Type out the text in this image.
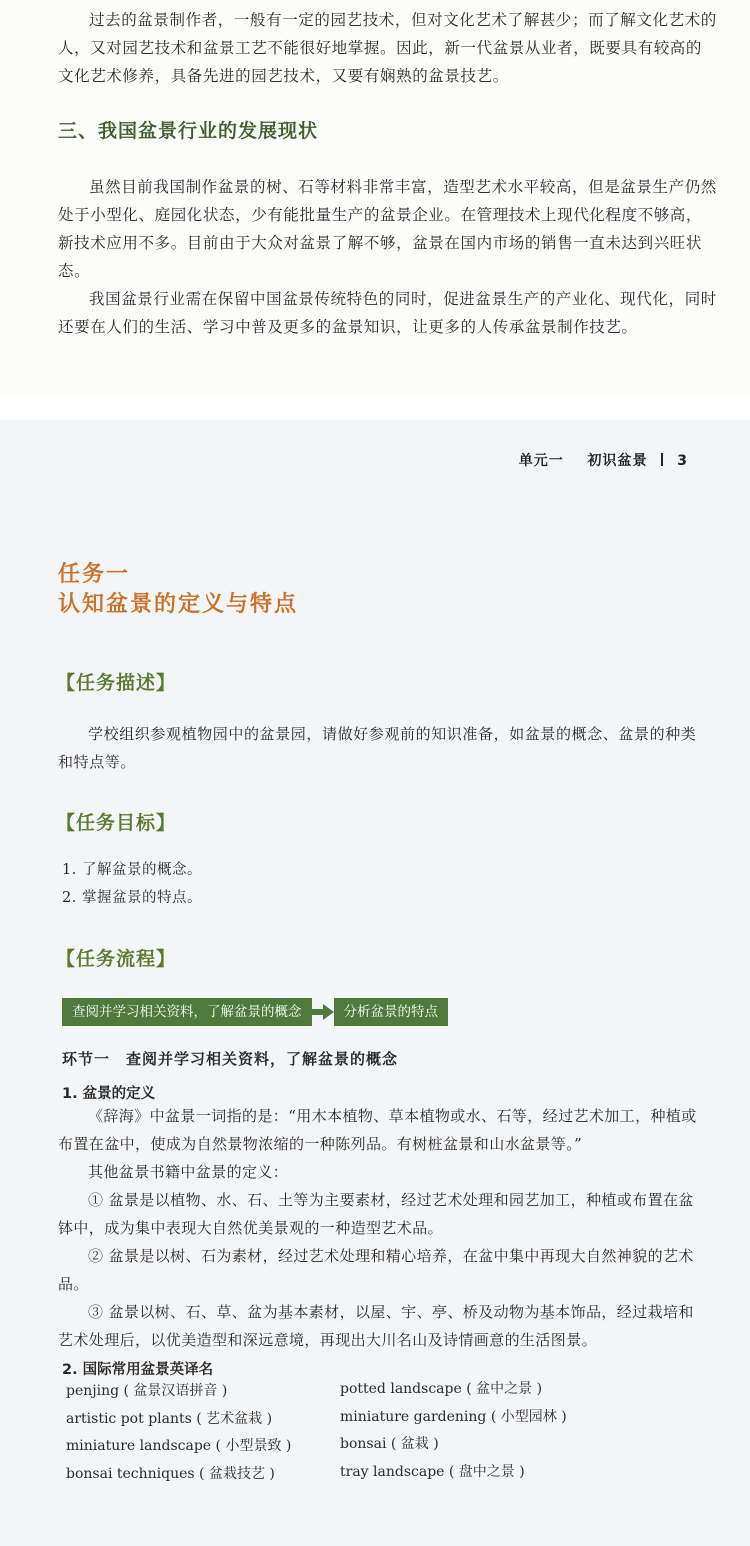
过去的盆景制作者，一般有一定的园艺技术，但对文化艺术了解甚少；而了解文化艺术的人，又对园艺技术和盆景工艺不能很好地掌握。因此，新一代盆景从业者，既要具有较高的文化艺术修养，具备先进的园艺技术，又要有娴熟的盆景技艺。

三、我国盆景行业的发展现状

虽然目前我国制作盆景的树、石等材料非常丰富，造型艺术水平较高，但是盆景生产仍然处于小型化、庭园化状态，少有能批量生产的盆景企业。在管理技术上现代化程度不够高，新技术应用不多。目前由于大众对盆景了解不够，盆景在国内市场的销售一直未达到兴旺状态。

我国盆景行业需在保留中国盆景传统特色的同时，促进盆景生产的产业化、现代化，同时还要在人们的生活、学习中普及更多的盆景知识，让更多的人传承盆景制作技艺。

单元一 初识盆景 3
任务一
认知盆景的定义与特点
【任务描述】

学校组织参观植物园中的盆景园，请做好参观前的知识准备，如盆景的概念、盆景的种类和特点等。

【任务目标】
1. 了解盆景的概念。
2. 掌握盆景的特点。
【任务流程】
查阅并学习相关资料，了解盆景的概念	分析盆景的特点
环节一　查阅并学习相关资料，了解盆景的概念
1. 盆景的定义

《辞海》中盆景一词指的是：“用木本植物、草本植物或水、石等，经过艺术加工，种植或布置在盆中，使成为自然景物浓缩的一种陈列品。有树桩盆景和山水盆景等。”

其他盆景书籍中盆景的定义：

① 盆景是以植物、水、石、土等为主要素材，经过艺术处理和园艺加工，种植或布置在盆钵中，成为集中表现大自然优美景观的一种造型艺术品。

② 盆景是以树、石为素材，经过艺术处理和精心培养，在盆中集中再现大自然神貌的艺术品。

③ 盆景以树、石、草、盆为基本素材，以屋、宇、亭、桥及动物为基本饰品，经过栽培和艺术处理后，以优美造型和深远意境，再现出大川名山及诗情画意的生活图景。

2. 国际常用盆景英译名
penjing ( 盆景汉语拼音 )
artistic pot plants ( 艺术盆栽 )
miniature landscape ( 小型景致 )
bonsai techniques ( 盆栽技艺 )
potted landscape ( 盆中之景 )
miniature gardening ( 小型园林 )
bonsai ( 盆栽 )
tray landscape ( 盘中之景 )
